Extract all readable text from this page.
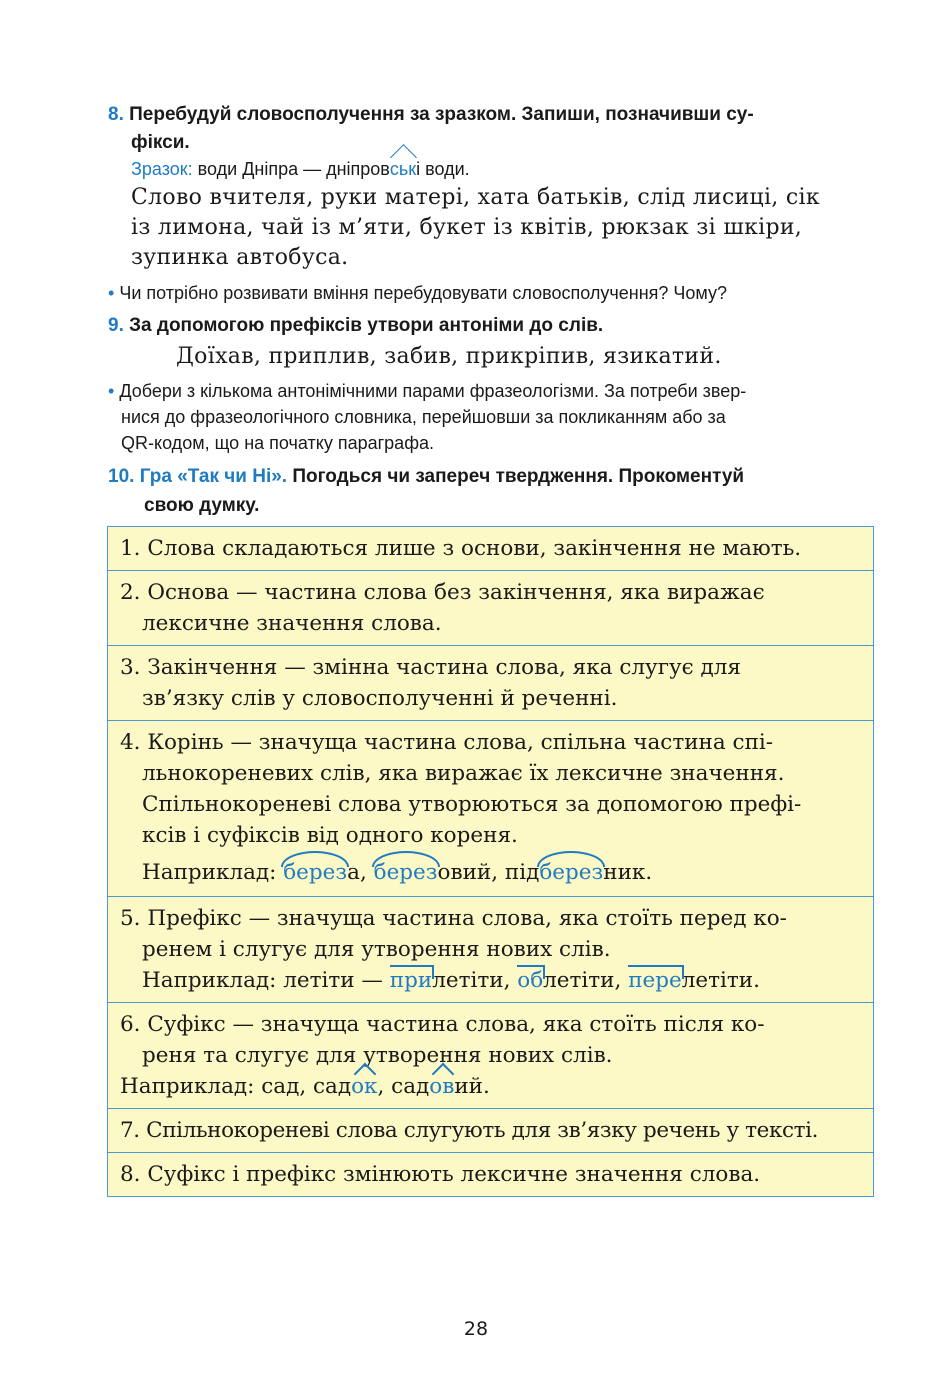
8. Перебудуй словосполучення за зразком. Запиши, позначивши су-
фікси.
Зразок: води Дніпра — дніпров
ські води.
Слово вчителя, руки матері, хата батьків, слід лисиці, сік
із лимона, чай із м’яти, букет із квітів, рюкзак зі шкіри,
зупинка автобуса.
• Чи потрібно розвивати вміння перебудовувати словосполучення? Чому?
9. За допомогою префіксів утвори антоніми до слів.
Доїхав, приплив, забив, прикріпив, язикатий.
• Добери з кількома антонімічними парами фразеологізми. За потреби звер-
нися до фразеологічного словника, перейшовши за покликанням або за
QR-кодом, що на початку параграфа.
10. Гра «Так чи Ні». Погодься чи заперeч твердження. Прокоментуй
свою думку.
1. Слова складаються лише з основи, закінчення не мають.

2. Основа — частина слова без закінчення, яка виражає
лексичне значення слова.

3. Закінчення — змінна частина слова, яка слугує для
зв’язку слів у словосполученні й реченні.

4. Корінь — значуща частина слова, спільна частина спі-
льнокореневих слів, яка виражає їх лексичне значення.
Спільнокореневі слова утворюються за допомогою префі-
ксів і суфіксів від одного кореня.
Наприклад:
береза,
березовий, під
березник.

5. Префікс — значуща частина слова, яка стоїть перед ко-
ренем і слугує для утворення нових слів.
Наприклад: летіти —
прилетіти,
облетіти,
перелетіти.

6. Суфікс — значуща частина слова, яка стоїть після ко-
реня та слугує для утворення нових слів.
Наприклад: сад, сад
ок, сад
овий.

7. Спільнокореневі слова слугують для зв’язку речень у тексті.
8. Суфікс і префікс змінюють лексичне значення слова.
28
